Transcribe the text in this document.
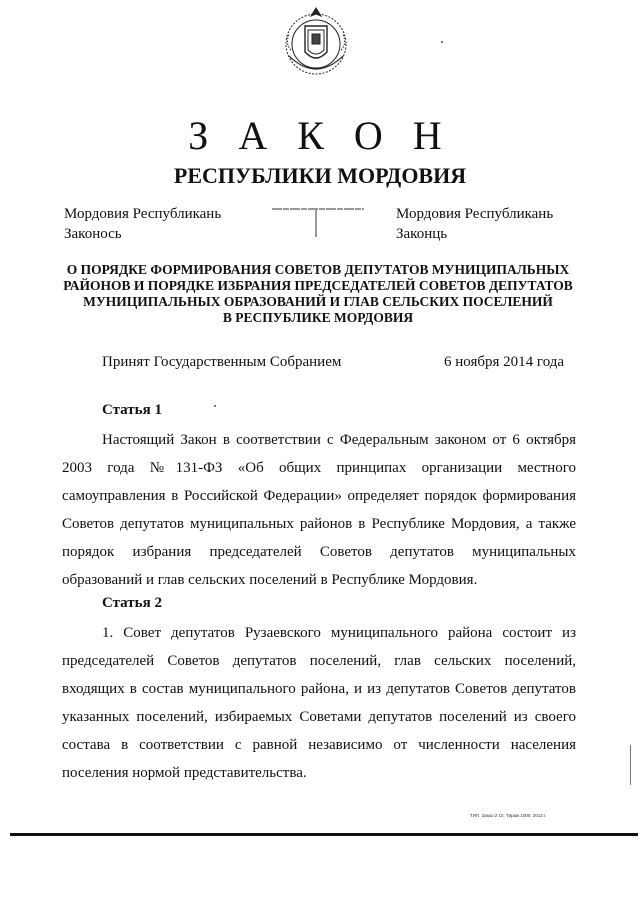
З А К О Н
РЕСПУБЛИКИ МОРДОВИЯ
Мордовия Республикань
Законось
Мордовия Республикань
Законць
О ПОРЯДКЕ ФОРМИРОВАНИЯ СОВЕТОВ ДЕПУТАТОВ МУНИЦИПАЛЬНЫХ
РАЙОНОВ И ПОРЯДКЕ ИЗБРАНИЯ ПРЕДСЕДАТЕЛЕЙ СОВЕТОВ ДЕПУТАТОВ
МУНИЦИПАЛЬНЫХ ОБРАЗОВАНИЙ И ГЛАВ СЕЛЬСКИХ ПОСЕЛЕНИЙ
В РЕСПУБЛИКЕ МОРДОВИЯ
Принят Государственным Собранием	6 ноября 2014 года
Статья 1

Настоящий Закон в соответствии с Федеральным законом от 6 октября 2003 года №131-ФЗ «Об общих принципах организации местного самоуправления в Российской Федерации» определяет порядок формирования Советов депутатов муниципальных районов в Республике Мордовия, а также порядок избрания председателей Советов депутатов муниципальных образований и глав сельских поселений в Республике Мордовия.

Статья 2

1. Совет депутатов Рузаевского муниципального района состоит из председателей Советов депутатов поселений, глав сельских поселений, входящих в состав муниципального района, и из депутатов Советов депутатов указанных поселений, избираемых Советами депутатов поселений из своего состава в соответствии с равной независимо от численности населения поселения нормой представительства.

ТИП. Заказ 2 10. Тираж 1000. 2013 г.
